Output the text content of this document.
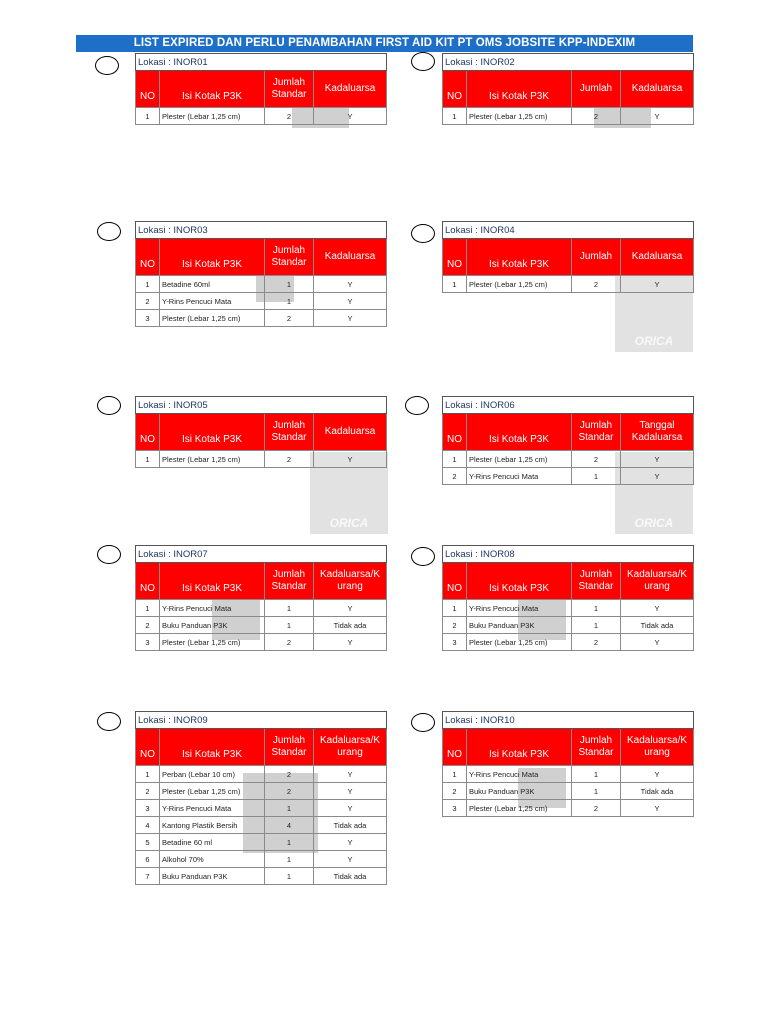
LIST EXPIRED DAN PERLU PENAMBAHAN FIRST AID KIT PT OMS JOBSITE KPP-INDEXIM
ORICA
ORICA	ORICA
Lokasi : INOR01			
NO	Isi Kotak P3K	Jumlah Standar	Kadaluarsa
1	Plester (Lebar 1,25 cm)	2	Y
Lokasi : INOR02			
NO	Isi Kotak P3K	Jumlah	Kadaluarsa
1	Plester (Lebar 1,25 cm)	2	Y
Lokasi : INOR03			
NO	Isi Kotak P3K	Jumlah Standar	Kadaluarsa
1	Betadine 60ml	1	Y
2	Y-Rins Pencuci Mata	1	Y
3	Plester (Lebar 1,25 cm)	2	Y
Lokasi : INOR04			
NO	Isi Kotak P3K	Jumlah	Kadaluarsa
1	Plester (Lebar 1,25 cm)	2	Y
Lokasi : INOR05			
NO	Isi Kotak P3K	Jumlah Standar	Kadaluarsa
1	Plester (Lebar 1,25 cm)	2	Y
Lokasi : INOR06			
NO	Isi Kotak P3K	Jumlah Standar	Tanggal Kadaluarsa
1	Plester (Lebar 1,25 cm)	2	Y
2	Y-Rins Pencuci Mata	1	Y
Lokasi : INOR07			
NO	Isi Kotak P3K	Jumlah Standar	Kadaluarsa/K urang
1	Y-Rins Pencuci Mata	1	Y
2	Buku Panduan P3K	1	Tidak ada
3	Plester (Lebar 1,25 cm)	2	Y
Lokasi : INOR08			
NO	Isi Kotak P3K	Jumlah Standar	Kadaluarsa/K urang
1	Y-Rins Pencuci Mata	1	Y
2	Buku Panduan P3K	1	Tidak ada
3	Plester (Lebar 1,25 cm)	2	Y
Lokasi : INOR09			
NO	Isi Kotak P3K	Jumlah Standar	Kadaluarsa/K urang
1	Perban (Lebar 10 cm)	2	Y
2	Plester (Lebar 1,25 cm)	2	Y
3	Y-Rins Pencuci Mata	1	Y
4	Kantong Plastik Bersih	4	Tidak ada
5	Betadine 60 ml	1	Y
6	Alkohol 70%	1	Y
7	Buku Panduan P3K	1	Tidak ada
Lokasi : INOR10			
NO	Isi Kotak P3K	Jumlah Standar	Kadaluarsa/K urang
1	Y-Rins Pencuci Mata	1	Y
2	Buku Panduan P3K	1	Tidak ada
3	Plester (Lebar 1,25 cm)	2	Y
